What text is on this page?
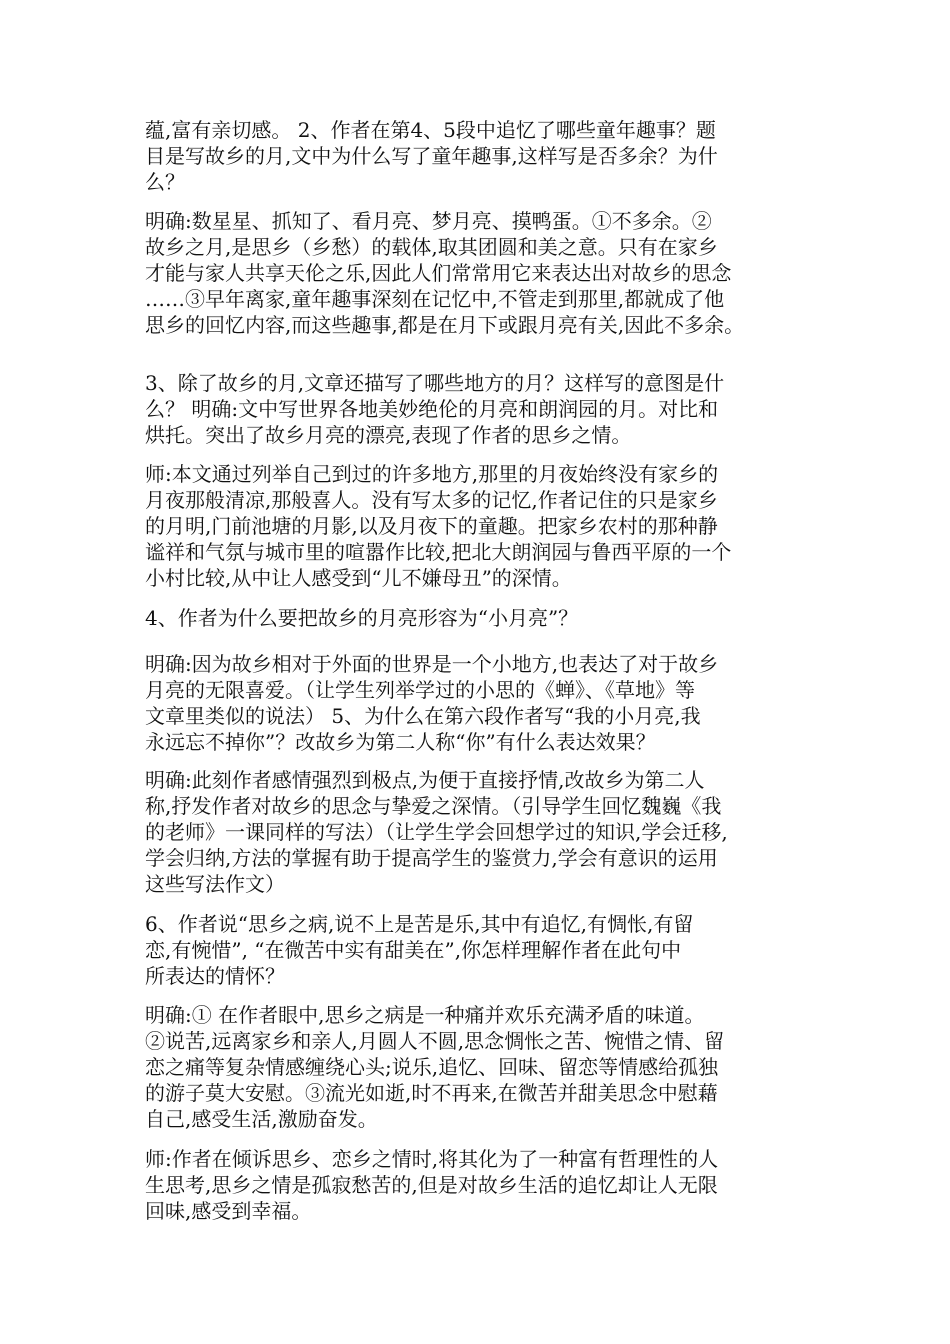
蕴,富有亲切感。 2、作者在第4、5段中追忆了哪些童年趣事？题
目是写故乡的月,文中为什么写了童年趣事,这样写是否多余？为什
么？
明确:数星星、抓知了、看月亮、梦月亮、摸鸭蛋。①不多余。②
故乡之月,是思乡（乡愁）的载体,取其团圆和美之意。只有在家乡
才能与家人共享天伦之乐,因此人们常常用它来表达出对故乡的思念
……③早年离家,童年趣事深刻在记忆中,不管走到那里,都就成了他
思乡的回忆内容,而这些趣事,都是在月下或跟月亮有关,因此不多余。
3、除了故乡的月,文章还描写了哪些地方的月？这样写的意图是什
么？ 明确:文中写世界各地美妙绝伦的月亮和朗润园的月。对比和
烘托。突出了故乡月亮的漂亮,表现了作者的思乡之情。
师:本文通过列举自己到过的许多地方,那里的月夜始终没有家乡的
月夜那般清凉,那般喜人。没有写太多的记忆,作者记住的只是家乡
的月明,门前池塘的月影,以及月夜下的童趣。把家乡农村的那种静
谧祥和气氛与城市里的喧嚣作比较,把北大朗润园与鲁西平原的一个
小村比较,从中让人感受到“儿不嫌母丑”的深情。
4、作者为什么要把故乡的月亮形容为“小月亮”？
明确:因为故乡相对于外面的世界是一个小地方,也表达了对于故乡
月亮的无限喜爱。（让学生列举学过的小思的《蝉》、《草地》等
文章里类似的说法） 5、为什么在第六段作者写“我的小月亮,我
永远忘不掉你”？改故乡为第二人称“你”有什么表达效果？
明确:此刻作者感情强烈到极点,为便于直接抒情,改故乡为第二人
称,抒发作者对故乡的思念与挚爱之深情。（引导学生回忆魏巍《我
的老师》一课同样的写法）（让学生学会回想学过的知识,学会迁移,
学会归纳,方法的掌握有助于提高学生的鉴赏力,学会有意识的运用
这些写法作文）
6、作者说“思乡之病,说不上是苦是乐,其中有追忆,有惆怅,有留
恋,有惋惜”, “在微苦中实有甜美在”,你怎样理解作者在此句中
所表达的情怀？
明确:① 在作者眼中,思乡之病是一种痛并欢乐充满矛盾的味道。
②说苦,远离家乡和亲人,月圆人不圆,思念惆怅之苦、惋惜之情、留
恋之痛等复杂情感缠绕心头;说乐,追忆、回味、留恋等情感给孤独
的游子莫大安慰。③流光如逝,时不再来,在微苦并甜美思念中慰藉
自己,感受生活,激励奋发。
师:作者在倾诉思乡、恋乡之情时,将其化为了一种富有哲理性的人
生思考,思乡之情是孤寂愁苦的,但是对故乡生活的追忆却让人无限
回味,感受到幸福。
